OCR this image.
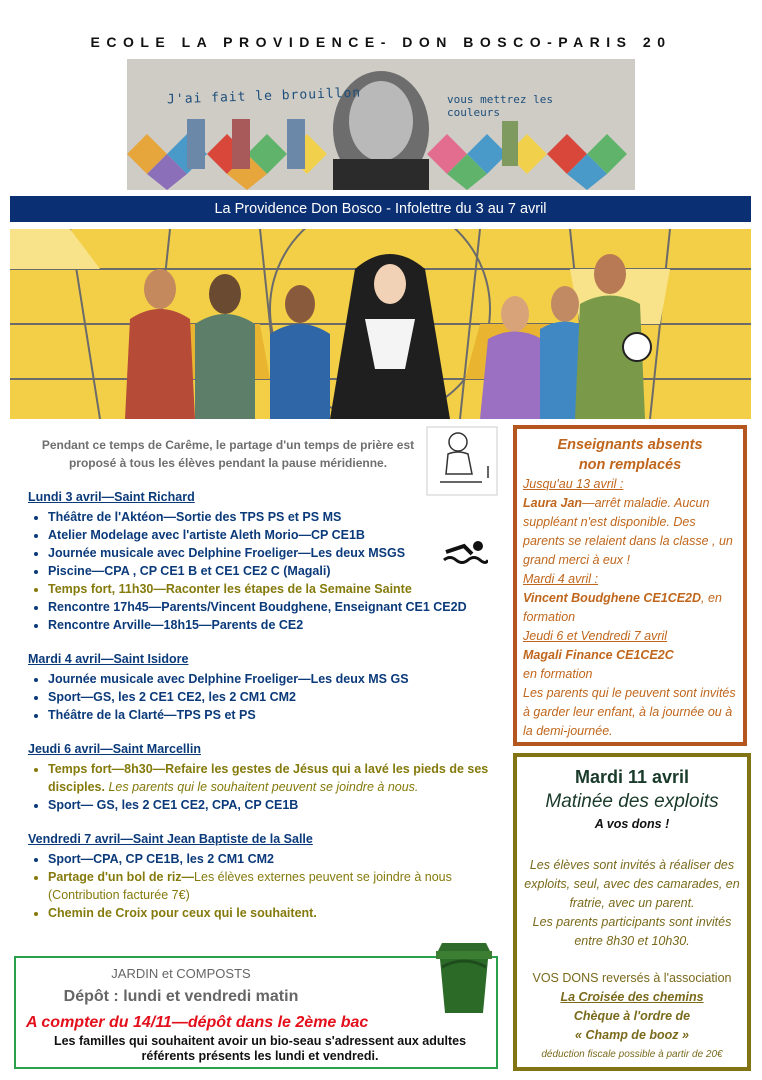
ECOLE LA PROVIDENCE- DON BOSCO-PARIS 20
J'ai fait le brouillon	vous mettrez les couleurs
La Providence Don Bosco - Infolettre du 3 au 7 avril
Pendant ce temps de Carême, le partage d'un temps de prière est proposé à tous les élèves pendant la pause méridienne.
Lundi 3 avril—Saint Richard
• Théâtre de l'Aktéon—Sortie des TPS PS et PS MS
• Atelier Modelage avec l'artiste Aleth Morio—CP CE1B
• Journée musicale avec Delphine Froeliger—Les deux MSGS
• Piscine—CPA , CP CE1 B et CE1 CE2 C (Magali)
• Temps fort, 11h30—Raconter les étapes de la Semaine Sainte
• Rencontre 17h45—Parents/Vincent Boudghene, Enseignant CE1 CE2D
• Rencontre Arville—18h15—Parents de CE2
Mardi 4 avril—Saint Isidore
• Journée musicale avec Delphine Froeliger—Les deux MS GS
• Sport—GS, les 2 CE1 CE2, les 2 CM1 CM2
• Théâtre de la Clarté—TPS PS et PS
Jeudi 6 avril—Saint Marcellin
• Temps fort—8h30—Refaire les gestes de Jésus qui a lavé les pieds de ses disciples. Les parents qui le souhaitent peuvent se joindre à nous.
• Sport— GS, les 2 CE1 CE2, CPA, CP CE1B
Vendredi 7 avril—Saint Jean Baptiste de la Salle
• Sport—CPA, CP CE1B, les 2 CM1 CM2
• Partage d'un bol de riz—Les élèves externes peuvent se joindre à nous (Contribution facturée 7€)
• Chemin de Croix pour ceux qui le souhaitent.
Enseignants absents
non remplacés
Jusqu'au 13 avril :
Laura Jan—arrêt maladie. Aucun suppléant n'est disponible. Des parents se relaient dans la classe , un grand merci à eux !
Mardi 4 avril :
Vincent Boudghene CE1CE2D, en formation
Jeudi 6 et Vendredi 7 avril
Magali Finance CE1CE2C
en formation
Les parents qui le peuvent sont invités à garder leur enfant, à la journée ou à la demi-journée.
Mardi 11 avril
Matinée des exploits
A vos dons !
Les élèves sont invités à réaliser des exploits, seul, avec des camarades, en fratrie, avec un parent.
Les parents participants sont invités entre 8h30 et 10h30.
VOS DONS reversés à l'association
La Croisée des chemins
Chèque à l'ordre de
« Champ de booz »
déduction fiscale possible à partir de 20€
JARDIN et COMPOSTS
Dépôt : lundi et vendredi matin
A compter du 14/11—dépôt dans le 2ème bac
Les familles qui souhaitent avoir un bio-seau s'adressent aux adultes référents présents les lundi et vendredi.
